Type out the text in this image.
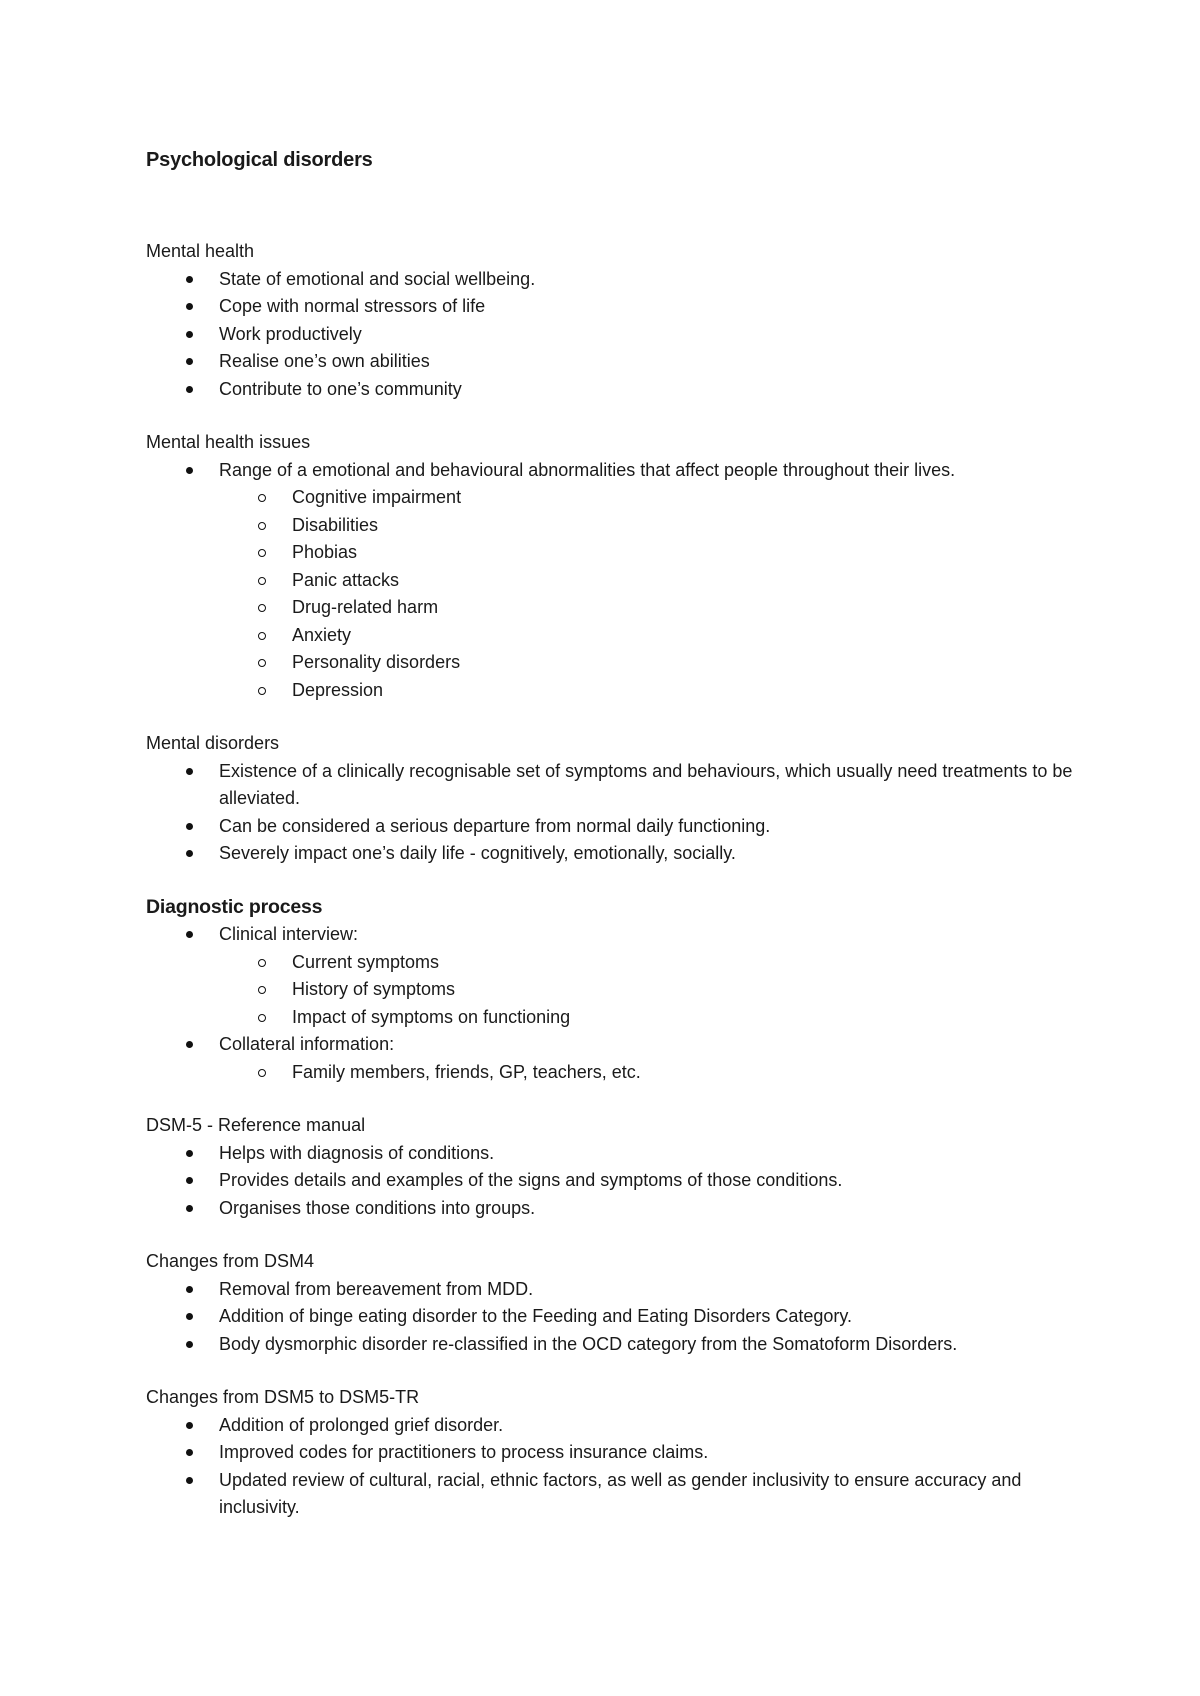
Psychological disorders

Mental health

State of emotional and social wellbeing.
Cope with normal stressors of life
Work productively
Realise one’s own abilities
Contribute to one’s community

Mental health issues

Range of a emotional and behavioural abnormalities that affect people throughout their lives.
Cognitive impairment
Disabilities
Phobias
Panic attacks
Drug-related harm
Anxiety
Personality disorders
Depression

Mental disorders

Existence of a clinically recognisable set of symptoms and behaviours, which usually need treatments to be alleviated.
Can be considered a serious departure from normal daily functioning.
Severely impact one’s daily life - cognitively, emotionally, socially.

Diagnostic process

Clinical interview:
Current symptoms
History of symptoms
Impact of symptoms on functioning
Collateral information:
Family members, friends, GP, teachers, etc.

DSM-5 - Reference manual

Helps with diagnosis of conditions.
Provides details and examples of the signs and symptoms of those conditions.
Organises those conditions into groups.

Changes from DSM4

Removal from bereavement from MDD.
Addition of binge eating disorder to the Feeding and Eating Disorders Category.
Body dysmorphic disorder re-classified in the OCD category from the Somatoform Disorders.

Changes from DSM5 to DSM5-TR

Addition of prolonged grief disorder.
Improved codes for practitioners to process insurance claims.
Updated review of cultural, racial, ethnic factors, as well as gender inclusivity to ensure accuracy and inclusivity.
